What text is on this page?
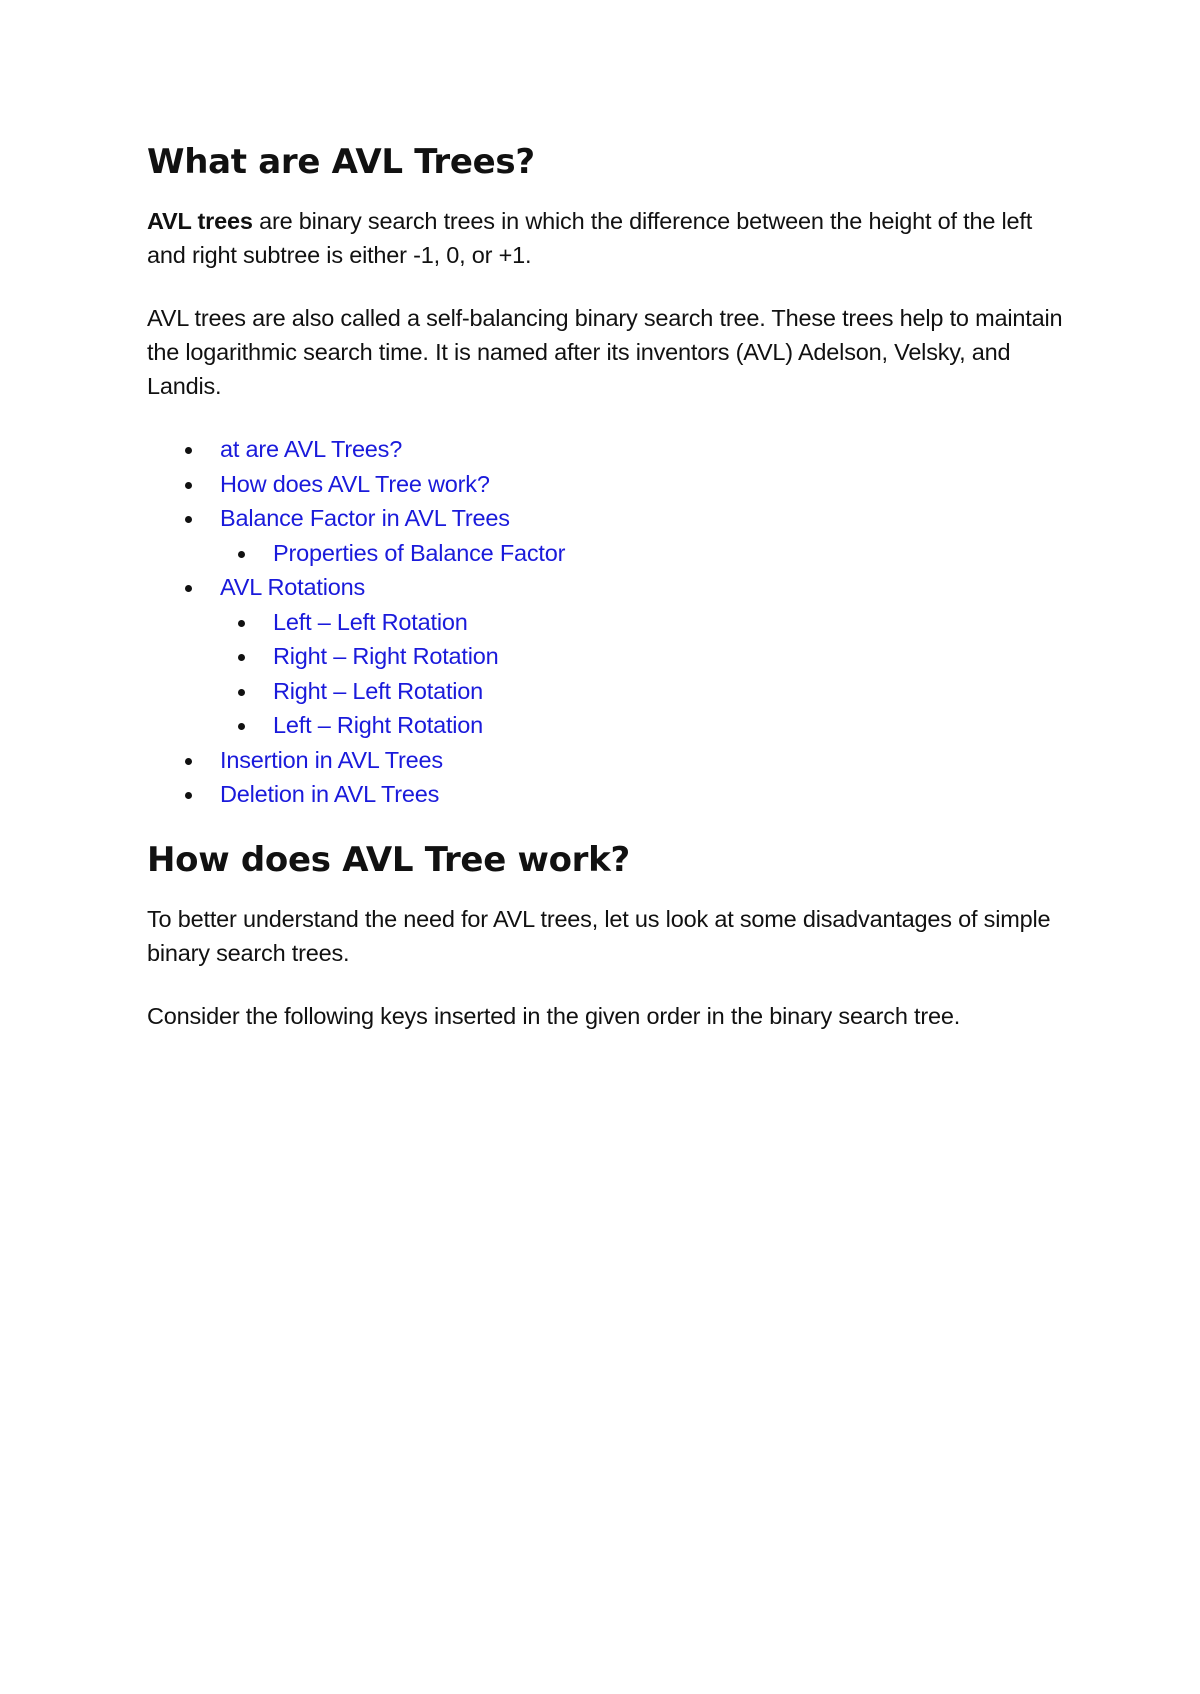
What are AVL Trees?

AVL trees are binary search trees in which the difference between the height of the left and right subtree is either -1, 0, or +1.

AVL trees are also called a self-balancing binary search tree. These trees help to maintain the logarithmic search time. It is named after its inventors (AVL) Adelson, Velsky, and Landis.

at are AVL Trees?
How does AVL Tree work?
Balance Factor in AVL Trees
Properties of Balance Factor
AVL Rotations
Left – Left Rotation
Right – Right Rotation
Right – Left Rotation
Left – Right Rotation
Insertion in AVL Trees
Deletion in AVL Trees
How does AVL Tree work?

To better understand the need for AVL trees, let us look at some disadvantages of simple binary search trees.

Consider the following keys inserted in the given order in the binary search tree.
